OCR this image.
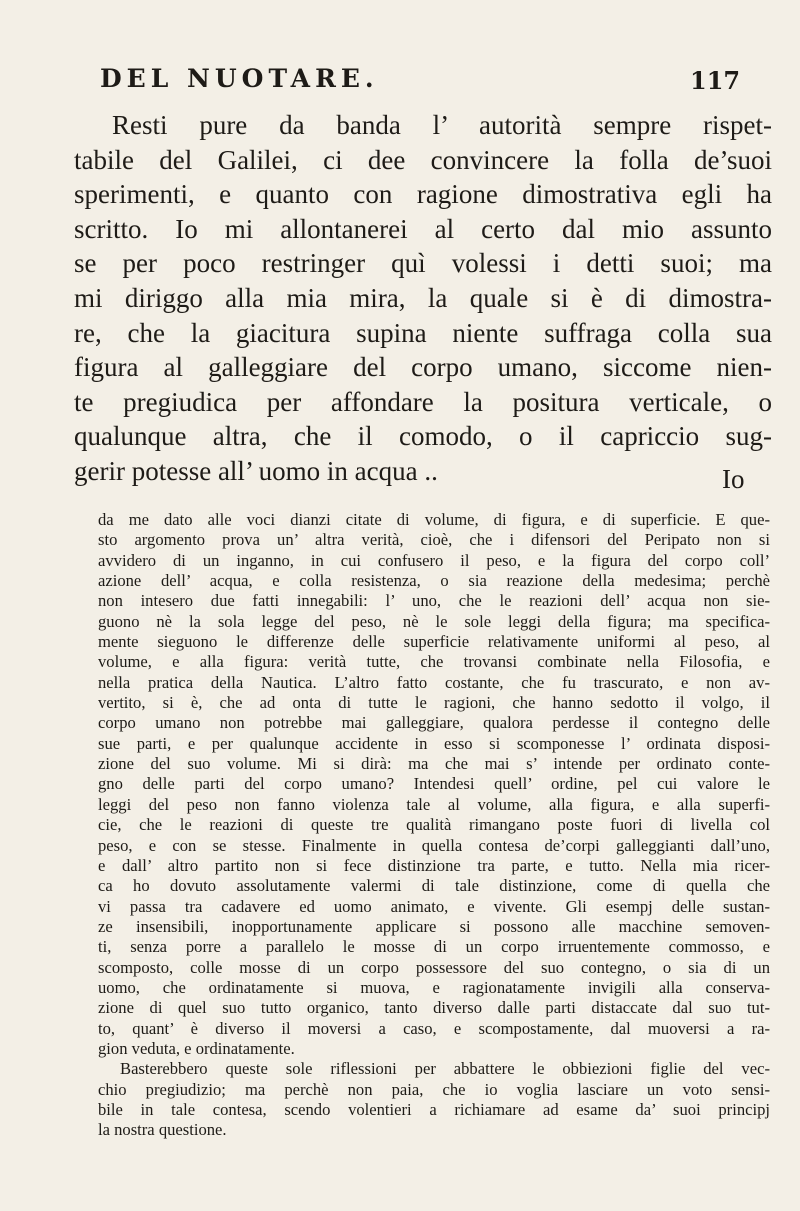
DEL NUOTARE.	117
Resti pure da banda l’ autorità sempre rispet-
tabile del Galilei, ci dee convincere la folla de’suoi
sperimenti, e quanto con ragione dimostrativa egli ha
scritto. Io mi allontanerei al certo dal mio assunto
se per poco restringer quì volessi i detti suoi; ma
mi diriggo alla mia mira, la quale si è di dimostra-
re, che la giacitura supina niente suffraga colla sua
figura al galleggiare del corpo umano, siccome nien-
te pregiudica per affondare la positura verticale, o
qualunque altra, che il comodo, o il capriccio sug-
gerir potesse all’ uomo in acqua ..	Io
da me dato alle voci dianzi citate di volume, di figura, e di superficie. E que-
sto argomento prova un’ altra verità, cioè, che i difensori del Peripato non si
avvidero di un inganno, in cui confusero il peso, e la figura del corpo coll’
azione dell’ acqua, e colla resistenza, o sia reazione della medesima; perchè
non intesero due fatti innegabili: l’ uno, che le reazioni dell’ acqua non sie-
guono nè la sola legge del peso, nè le sole leggi della figura; ma specifica-
mente sieguono le differenze delle superficie relativamente uniformi al peso, al
volume, e alla figura: verità tutte, che trovansi combinate nella Filosofia, e
nella pratica della Nautica. L’altro fatto costante, che fu trascurato, e non av-
vertito, si è, che ad onta di tutte le ragioni, che hanno sedotto il volgo, il
corpo umano non potrebbe mai galleggiare, qualora perdesse il contegno delle
sue parti, e per qualunque accidente in esso si scomponesse l’ ordinata disposi-
zione del suo volume. Mi si dirà: ma che mai s’ intende per ordinato conte-
gno delle parti del corpo umano? Intendesi quell’ ordine, pel cui valore le
leggi del peso non fanno violenza tale al volume, alla figura, e alla superfi-
cie, che le reazioni di queste tre qualità rimangano poste fuori di livella col
peso, e con se stesse. Finalmente in quella contesa de’corpi galleggianti dall’uno,
e dall’ altro partito non si fece distinzione tra parte, e tutto. Nella mia ricer-
ca ho dovuto assolutamente valermi di tale distinzione, come di quella che
vi passa tra cadavere ed uomo animato, e vivente. Gli esempj delle sustan-
ze insensibili, inopportunamente applicare si possono alle macchine semoven-
ti, senza porre a parallelo le mosse di un corpo irruentemente commosso, e
scomposto, colle mosse di un corpo possessore del suo contegno, o sia di un
uomo, che ordinatamente si muova, e ragionatamente invigili alla conserva-
zione di quel suo tutto organico, tanto diverso dalle parti distaccate dal suo tut-
to, quant’ è diverso il moversi a caso, e scompostamente, dal muoversi a ra-
gion veduta, e ordinatamente.
Basterebbero queste sole riflessioni per abbattere le obbiezioni figlie del vec-
chio pregiudizio; ma perchè non paia, che io voglia lasciare un voto sensi-
bile in tale contesa, scendo volentieri a richiamare ad esame da’ suoi principj
la nostra questione.
